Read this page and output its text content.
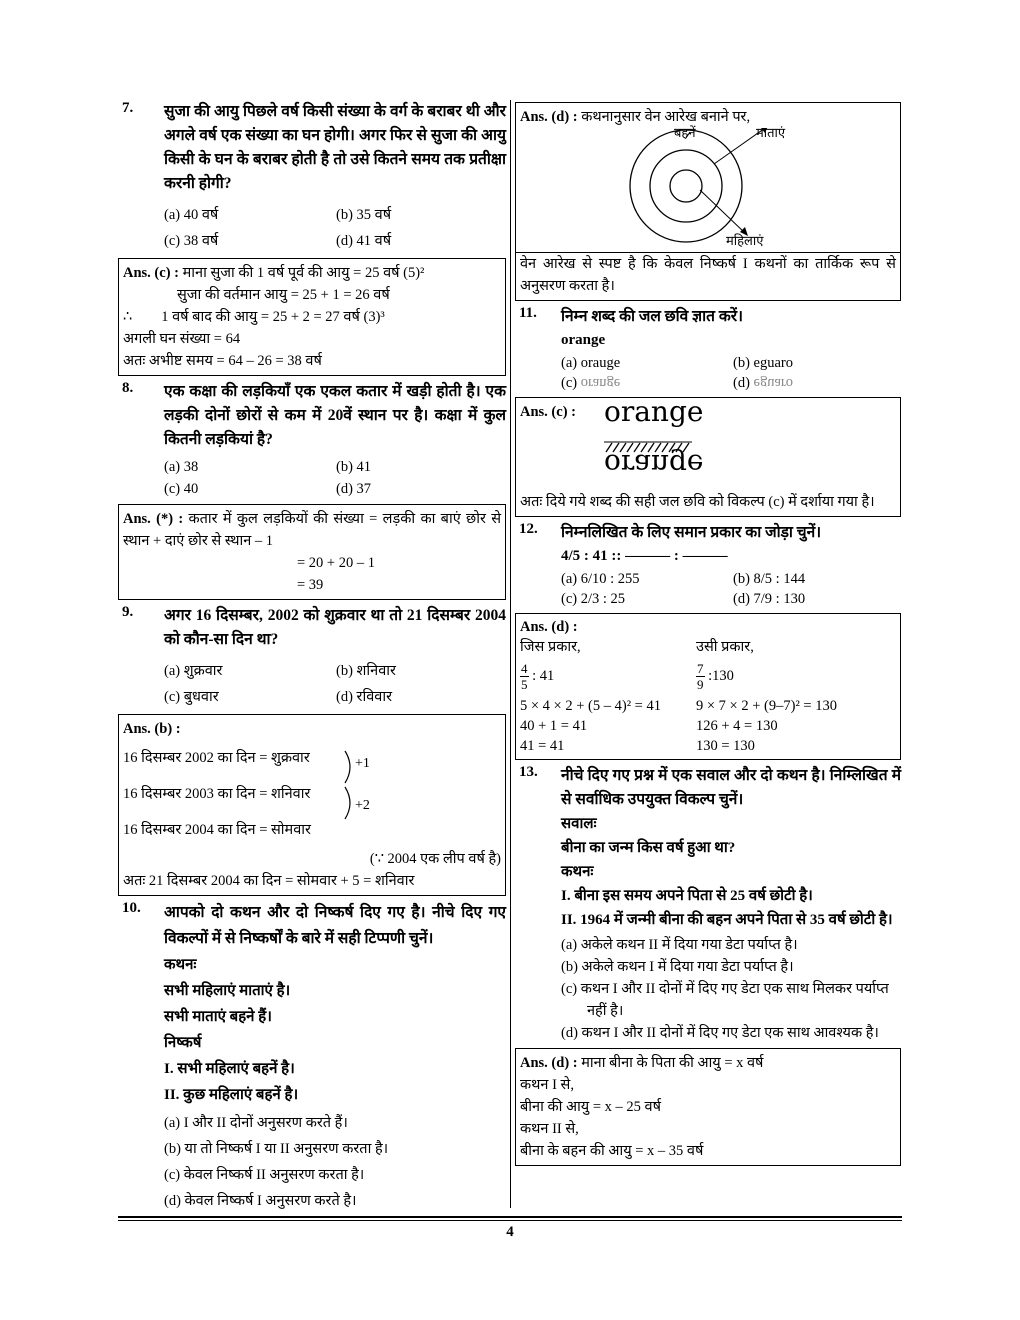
7. सुजा की आयु पिछले वर्ष किसी संख्या के वर्ग के बराबर थी और अगले वर्ष एक संख्या का घन होगी। अगर फिर से सुजा की आयु किसी के घन के बराबर होती है तो उसे कितने समय तक प्रतीक्षा करनी होगी?
(a) 40 वर्ष	(b) 35 वर्ष
(c) 38 वर्ष	(d) 41 वर्ष
Ans. (c) : माना सुजा की 1 वर्ष पूर्व की आयु = 25 वर्ष (5)²
सुजा की वर्तमान आयु = 25 + 1 = 26 वर्ष
∴        1 वर्ष बाद की आयु = 25 + 2 = 27 वर्ष (3)³
अगली घन संख्या = 64
अतः अभीष्ट समय = 64 – 26 = 38 वर्ष
8. एक कक्षा की लड़कियाँ एक एकल कतार में खड़ी होती है। एक लड़की दोनों छोरों से कम में 20वें स्थान पर है। कक्षा में कुल कितनी लड़कियां है?
(a) 38	(b) 41
(c) 40	(d) 37
Ans. (*) : कतार में कुल लड़कियों की संख्या = लड़की का बाएं छोर से स्थान + दाएं छोर से स्थान – 1
= 20 + 20 – 1
= 39
9. अगर 16 दिसम्बर, 2002 को शुक्रवार था तो 21 दिसम्बर 2004 को कौन-सा दिन था?
(a) शुक्रवार	(b) शनिवार
(c) बुधवार	(d) रविवार
Ans. (b) :
16 दिसम्बर 2002 का दिन = शुक्रवार
16 दिसम्बर 2003 का दिन = शनिवार
16 दिसम्बर 2004 का दिन = सोमवार
(∵ 2004 एक लीप वर्ष है)
अतः 21 दिसम्बर 2004 का दिन = सोमवार + 5 = शनिवार
+1
+2
10. आपको दो कथन और दो निष्कर्ष दिए गए है। नीचे दिए गए विकल्पों में से निष्कर्षों के बारे में सही टिप्पणी चुनें।
कथनः
सभी महिलाएं माताएं है।
सभी माताएं बहने हैं।
निष्कर्ष
I. सभी महिलाएं बहनें है।
II. कुछ महिलाएं बहनें है।
(a) I और II दोनों अनुसरण करते हैं।
(b) या तो निष्कर्ष I या II अनुसरण करता है।
(c) केवल निष्कर्ष II अनुसरण करता है।
(d) केवल निष्कर्ष I अनुसरण करते है।
Ans. (d) : कथनानुसार वेन आरेख बनाने पर,
बहनें	माताएं
महिलाएं
वेन आरेख से स्पष्ट है कि केवल निष्कर्ष I कथनों का तार्किक रूप से अनुसरण करता है।
11. निम्न शब्द की जल छवि ज्ञात करें।
orange
(a) orauge	(b) eguaro
(c) orange	(d) eguaro
Ans. (c) :	orange
orange
अतः दिये गये शब्द की सही जल छवि को विकल्प (c) में दर्शाया गया है।
12. निम्नलिखित के लिए समान प्रकार का जोड़ा चुनें।
4/5 : 41 :: ——— : ———
(a) 6/10 : 255	(b) 8/5 : 144
(c) 2/3 : 25	(d) 7/9 : 130
Ans. (d) :
जिस प्रकार,	उसी प्रकार,
$\frac{4}{5}$ : 41	$\frac{7}{9}$ :130
5 × 4 × 2 + (5 – 4)² = 41	9 × 7 × 2 + (9–7)² = 130
40 + 1 = 41	126 + 4 = 130
41 = 41	130 = 130
13. नीचे दिए गए प्रश्न में एक सवाल और दो कथन है। निम्लिखित में से सर्वाधिक उपयुक्त विकल्प चुनें।
सवालः
बीना का जन्म किस वर्ष हुआ था?
कथनः
I. बीना इस समय अपने पिता से 25 वर्ष छोटी है।
II. 1964 में जन्मी बीना की बहन अपने पिता से 35 वर्ष छोटी है।
(a) अकेले कथन II में दिया गया डेटा पर्याप्त है।
(b) अकेले कथन I में दिया गया डेटा पर्याप्त है।
(c) कथन I और II दोनों में दिए गए डेटा एक साथ मिलकर पर्याप्त नहीं है।
(d) कथन I और II दोनों में दिए गए डेटा एक साथ आवश्यक है।
Ans. (d) : माना बीना के पिता की आयु = x वर्ष
कथन I से,
बीना की आयु = x – 25 वर्ष
कथन II से,
बीना के बहन की आयु = x – 35 वर्ष
4
